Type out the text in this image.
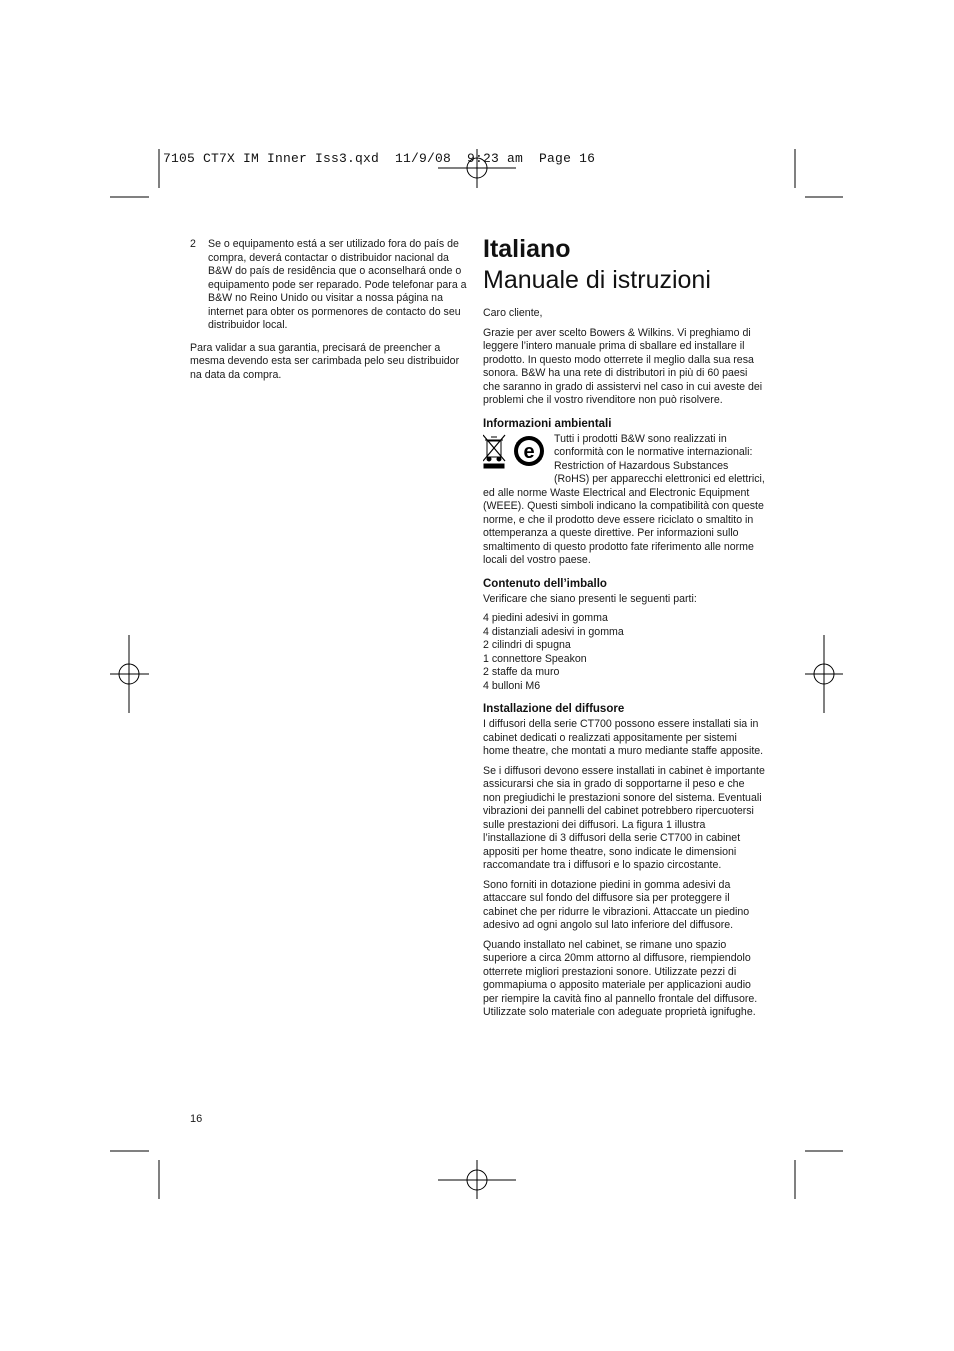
7105 CT7X IM Inner Iss3.qxd  11/9/08  9:23 am  Page 16
2	Se o equipamento está a ser utilizado fora do país de compra, deverá contactar o distribuidor nacional da B&W do país de residência que o aconselhará onde o equipamento pode ser reparado. Pode telefonar para a B&W no Reino Unido ou visitar a nossa página na internet para obter os pormenores de contacto do seu distribuidor local.

Para validar a sua garantia, precisará de preencher a mesma devendo esta ser carimbada pelo seu distribuidor na data da compra.

Italiano
Manuale di istruzioni

Caro cliente,

Grazie per aver scelto Bowers & Wilkins. Vi preghiamo di leggere l’intero manuale prima di sballare ed installare il prodotto. In questo modo otterrete il meglio dalla sua resa sonora. B&W ha una rete di distributori in più di 60 paesi che saranno in grado di assistervi nel caso in cui aveste dei problemi che il vostro rivenditore non può risolvere.

Informazioni ambientali
e

Tutti i prodotti B&W sono realizzati in conformità con le normative internazionali: Restriction of Hazardous Substances (RoHS) per apparecchi elettronici ed elettrici, ed alle norme Waste Electrical and Electronic Equipment (WEEE). Questi simboli indicano la compatibilità con queste norme, e che il prodotto deve essere riciclato o smaltito in ottemperanza a queste direttive. Per informazioni sullo smaltimento di questo prodotto fate riferimento alle norme locali del vostro paese.

Contenuto dell’imballo

Verificare che siano presenti le seguenti parti:

4 piedini adesivi in gomma
4 distanziali adesivi in gomma
2 cilindri di spugna
1 connettore Speakon
2 staffe da muro
4 bulloni M6
Installazione del diffusore

I diffusori della serie CT700 possono essere installati sia in cabinet dedicati o realizzati appositamente per sistemi home theatre, che montati a muro mediante staffe apposite.

Se i diffusori devono essere installati in cabinet è importante assicurarsi che sia in grado di sopportarne il peso e che non pregiudichi le prestazioni sonore del sistema. Eventuali vibrazioni dei pannelli del cabinet potrebbero ripercuotersi sulle prestazioni dei diffusori. La figura 1 illustra l’installazione di 3 diffusori della serie CT700 in cabinet appositi per home theatre, sono indicate le dimensioni raccomandate tra i diffusori e lo spazio circostante.

Sono forniti in dotazione piedini in gomma adesivi da attaccare sul fondo del diffusore sia per proteggere il cabinet che per ridurre le vibrazioni. Attaccate un piedino adesivo ad ogni angolo sul lato inferiore del diffusore.

Quando installato nel cabinet, se rimane uno spazio superiore a circa 20mm attorno al diffusore, riempiendolo otterrete migliori prestazioni sonore. Utilizzate pezzi di gommapiuma o apposito materiale per applicazioni audio per riempire la cavità fino al pannello frontale del diffusore. Utilizzate solo materiale con adeguate proprietà ignifughe.

16
